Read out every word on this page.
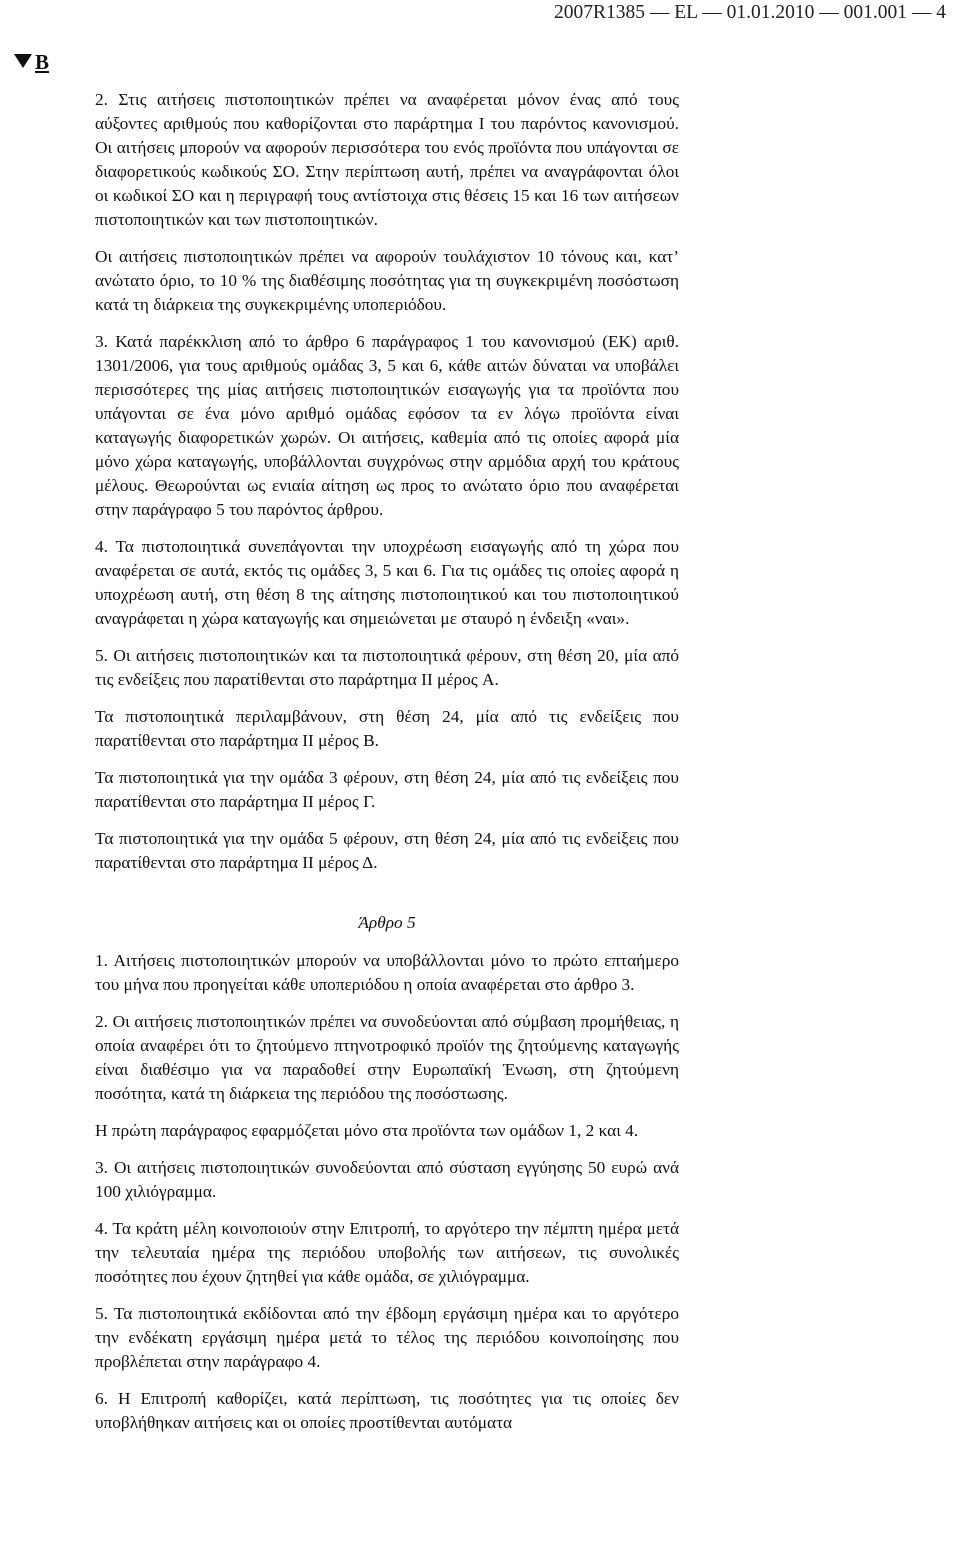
2007R1385 — EL — 01.01.2010 — 001.001 — 4
B

2. Στις αιτήσεις πιστοποιητικών πρέπει να αναφέρεται μόνον ένας από τους αύξοντες αριθμούς που καθορίζονται στο παράρτημα I του παρόντος κανονισμού. Οι αιτήσεις μπορούν να αφορούν περισσότερα του ενός προϊόντα που υπάγονται σε διαφορετικούς κωδικούς ΣΟ. Στην περίπτωση αυτή, πρέπει να αναγράφονται όλοι οι κωδικοί ΣΟ και η περιγραφή τους αντίστοιχα στις θέσεις 15 και 16 των αιτήσεων πιστοποιητικών και των πιστοποιητικών.

Οι αιτήσεις πιστοποιητικών πρέπει να αφορούν τουλάχιστον 10 τόνους και, κατ’ ανώτατο όριο, το 10 % της διαθέσιμης ποσότητας για τη συγκεκριμένη ποσόστωση κατά τη διάρκεια της συγκεκριμένης υποπεριόδου.

3. Κατά παρέκκλιση από το άρθρο 6 παράγραφος 1 του κανονισμού (ΕΚ) αριθ. 1301/2006, για τους αριθμούς ομάδας 3, 5 και 6, κάθε αιτών δύναται να υποβάλει περισσότερες της μίας αιτήσεις πιστοποιητικών εισαγωγής για τα προϊόντα που υπάγονται σε ένα μόνο αριθμό ομάδας εφόσον τα εν λόγω προϊόντα είναι καταγωγής διαφορετικών χωρών. Οι αιτήσεις, καθεμία από τις οποίες αφορά μία μόνο χώρα καταγωγής, υποβάλλονται συγχρόνως στην αρμόδια αρχή του κράτους μέλους. Θεωρούνται ως ενιαία αίτηση ως προς το ανώτατο όριο που αναφέρεται στην παράγραφο 5 του παρόντος άρθρου.

4. Τα πιστοποιητικά συνεπάγονται την υποχρέωση εισαγωγής από τη χώρα που αναφέρεται σε αυτά, εκτός τις ομάδες 3, 5 και 6. Για τις ομάδες τις οποίες αφορά η υποχρέωση αυτή, στη θέση 8 της αίτησης πιστοποιητικού και του πιστοποιητικού αναγράφεται η χώρα καταγωγής και σημειώνεται με σταυρό η ένδειξη «ναι».

5. Οι αιτήσεις πιστοποιητικών και τα πιστοποιητικά φέρουν, στη θέση 20, μία από τις ενδείξεις που παρατίθενται στο παράρτημα II μέρος A.

Τα πιστοποιητικά περιλαμβάνουν, στη θέση 24, μία από τις ενδείξεις που παρατίθενται στο παράρτημα II μέρος B.

Τα πιστοποιητικά για την ομάδα 3 φέρουν, στη θέση 24, μία από τις ενδείξεις που παρατίθενται στο παράρτημα II μέρος Γ.

Τα πιστοποιητικά για την ομάδα 5 φέρουν, στη θέση 24, μία από τις ενδείξεις που παρατίθενται στο παράρτημα II μέρος Δ.

Άρθρο 5

1. Αιτήσεις πιστοποιητικών μπορούν να υποβάλλονται μόνο το πρώτο επταήμερο του μήνα που προηγείται κάθε υποπεριόδου η οποία αναφέρεται στο άρθρο 3.

2. Οι αιτήσεις πιστοποιητικών πρέπει να συνοδεύονται από σύμβαση προμήθειας, η οποία αναφέρει ότι το ζητούμενο πτηνοτροφικό προϊόν της ζητούμενης καταγωγής είναι διαθέσιμο για να παραδοθεί στην Ευρωπαϊκή Ένωση, στη ζητούμενη ποσότητα, κατά τη διάρκεια της περιόδου της ποσόστωσης.

Η πρώτη παράγραφος εφαρμόζεται μόνο στα προϊόντα των ομάδων 1, 2 και 4.

3. Οι αιτήσεις πιστοποιητικών συνοδεύονται από σύσταση εγγύησης 50 ευρώ ανά 100 χιλιόγραμμα.

4. Τα κράτη μέλη κοινοποιούν στην Επιτροπή, το αργότερο την πέμπτη ημέρα μετά την τελευταία ημέρα της περιόδου υποβολής των αιτήσεων, τις συνολικές ποσότητες που έχουν ζητηθεί για κάθε ομάδα, σε χιλιόγραμμα.

5. Τα πιστοποιητικά εκδίδονται από την έβδομη εργάσιμη ημέρα και το αργότερο την ενδέκατη εργάσιμη ημέρα μετά το τέλος της περιόδου κοινοποίησης που προβλέπεται στην παράγραφο 4.

6. Η Επιτροπή καθορίζει, κατά περίπτωση, τις ποσότητες για τις οποίες δεν υποβλήθηκαν αιτήσεις και οι οποίες προστίθενται αυτόματα
